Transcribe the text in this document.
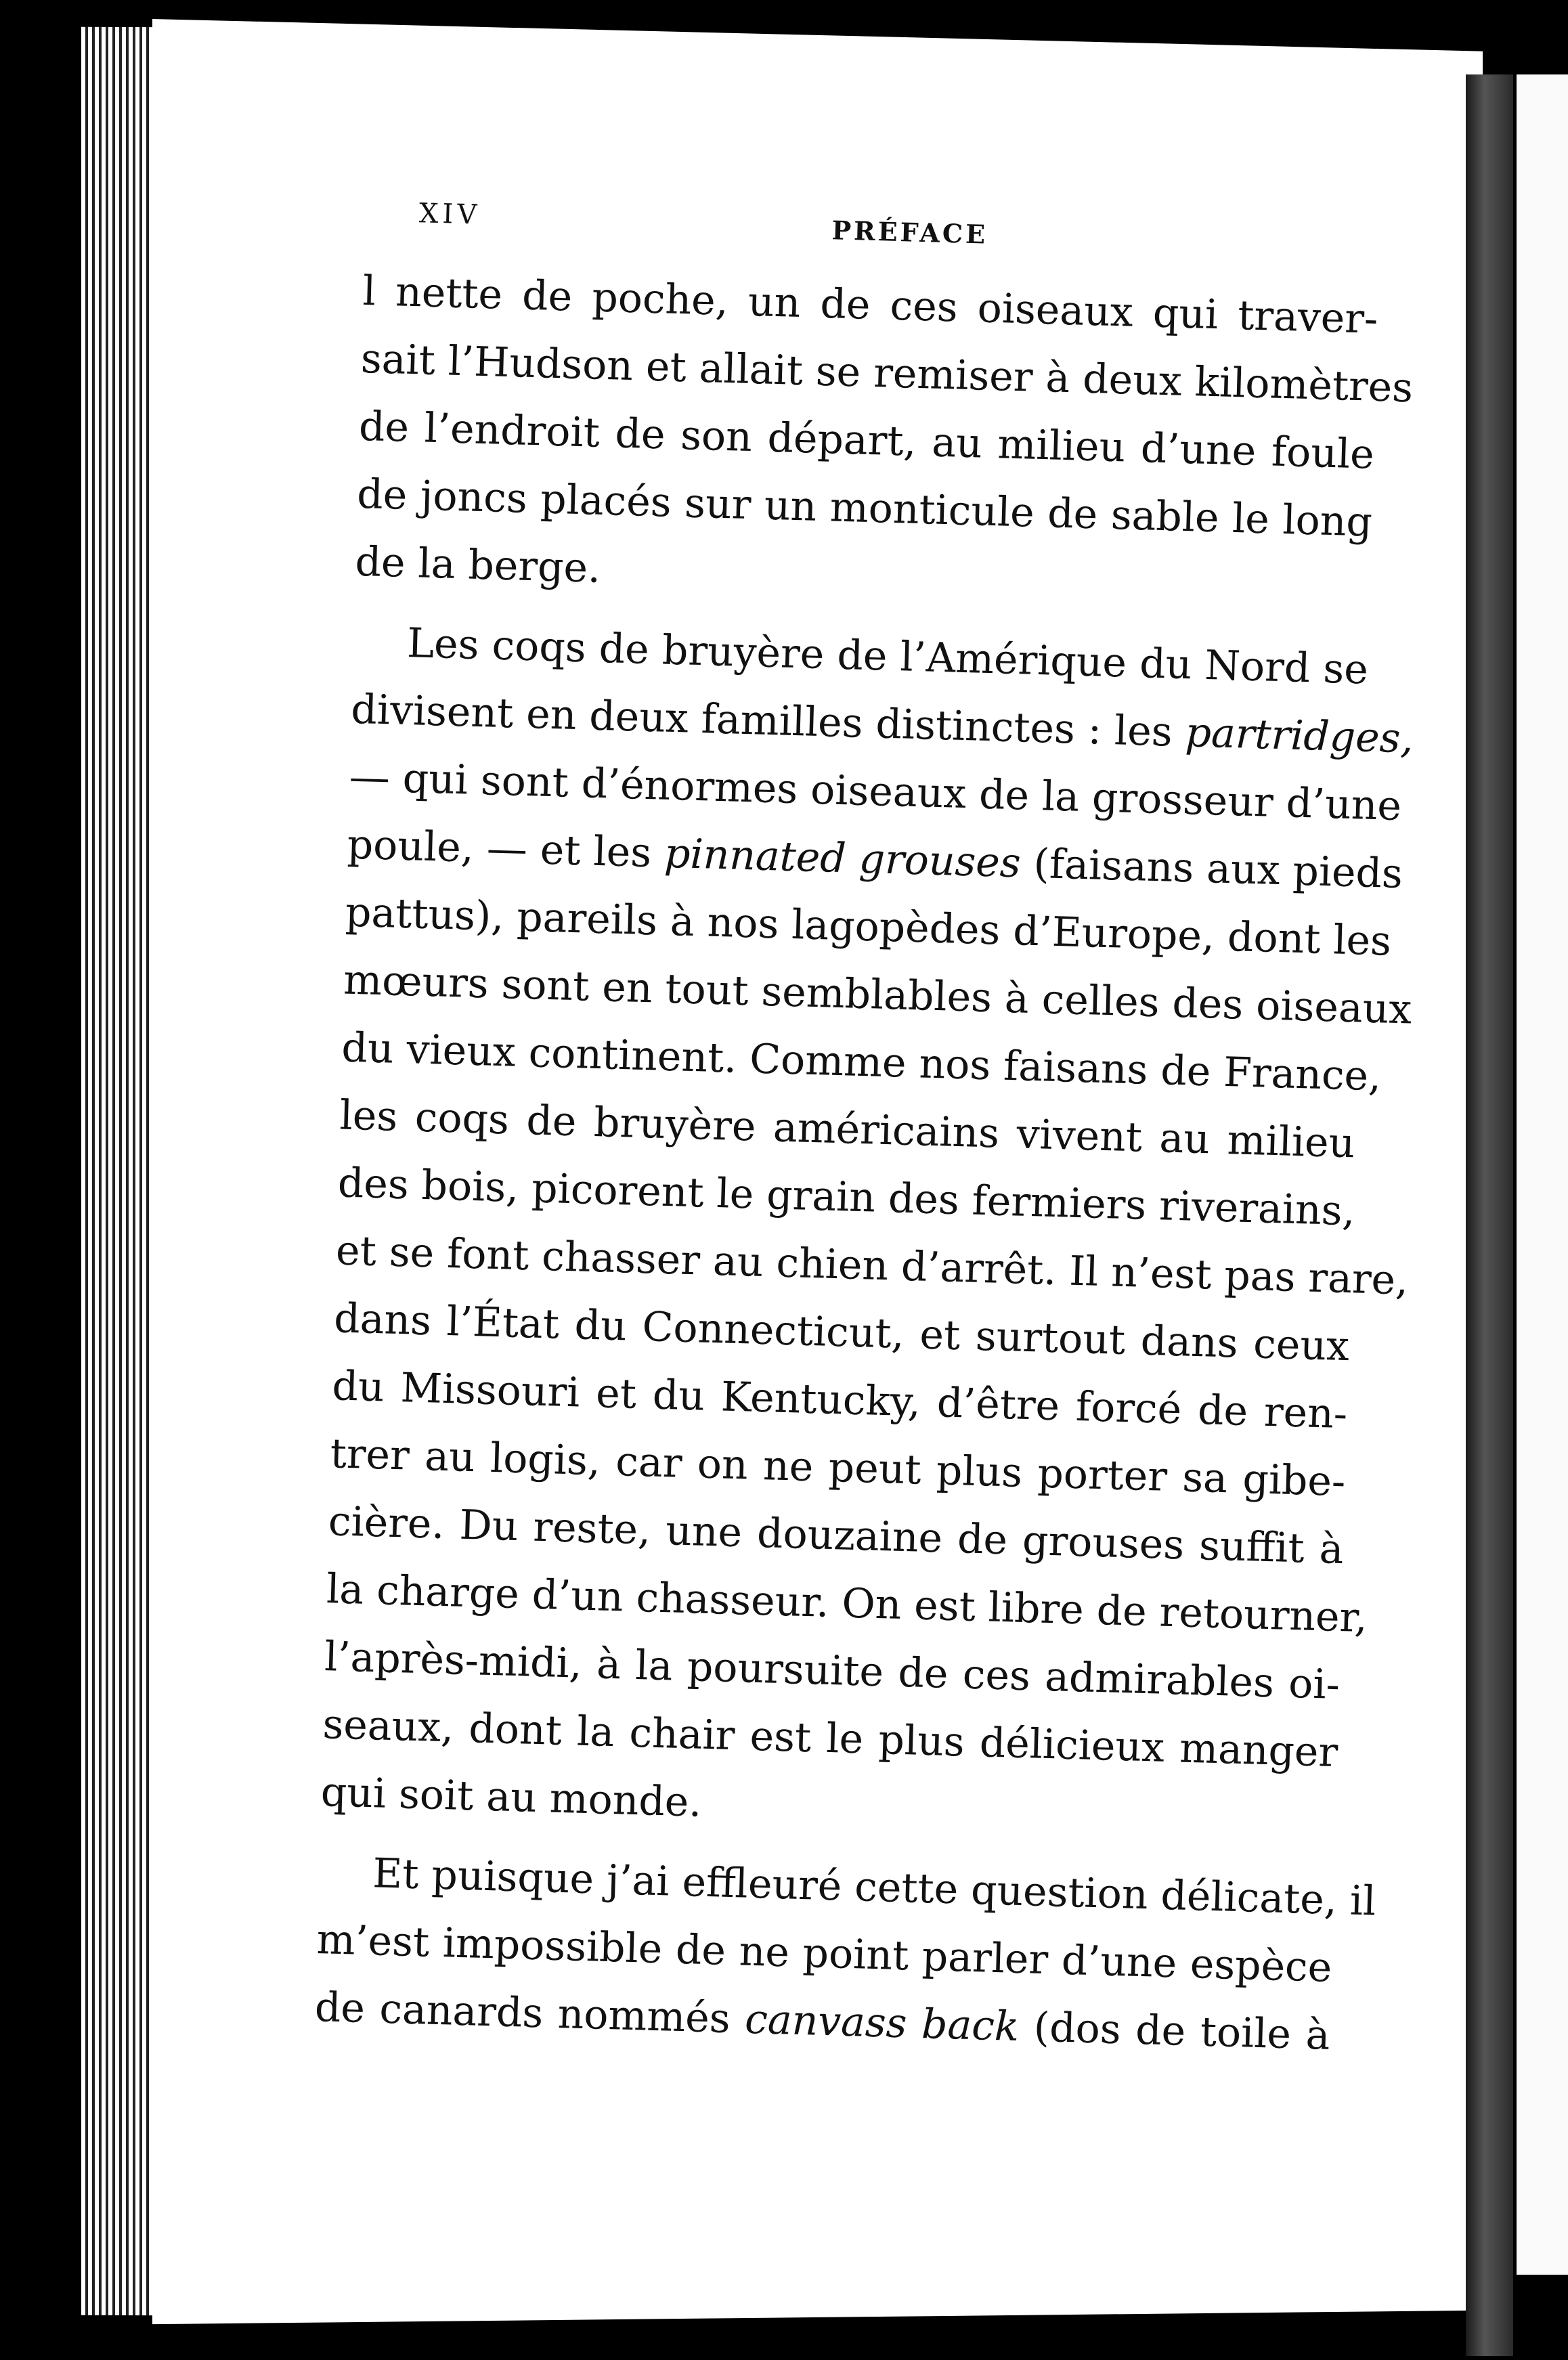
XIV
PRÉFACE

l nette de poche, un de ces oiseaux qui traver-
sait l’Hudson et allait se remiser à deux kilomètres
de l’endroit de son départ, au milieu d’une foule
de joncs placés sur un monticule de sable le long
de la berge.

Les coqs de bruyère de l’Amérique du Nord se
divisent en deux familles distinctes : les partridges,
— qui sont d’énormes oiseaux de la grosseur d’une
poule, — et les pinnated grouses (faisans aux pieds
pattus), pareils à nos lagopèdes d’Europe, dont les
mœurs sont en tout semblables à celles des oiseaux
du vieux continent. Comme nos faisans de France,
les coqs de bruyère américains vivent au milieu
des bois, picorent le grain des fermiers riverains,
et se font chasser au chien d’arrêt. Il n’est pas rare,
dans l’État du Connecticut, et surtout dans ceux
du Missouri et du Kentucky, d’être forcé de ren-
trer au logis, car on ne peut plus porter sa gibe-
cière. Du reste, une douzaine de grouses suffit à
la charge d’un chasseur. On est libre de retourner,
l’après-midi, à la poursuite de ces admirables oi-
seaux, dont la chair est le plus délicieux manger
qui soit au monde.

Et puisque j’ai effleuré cette question délicate, il
m’est impossible de ne point parler d’une espèce
de canards nommés canvass back (dos de toile à
